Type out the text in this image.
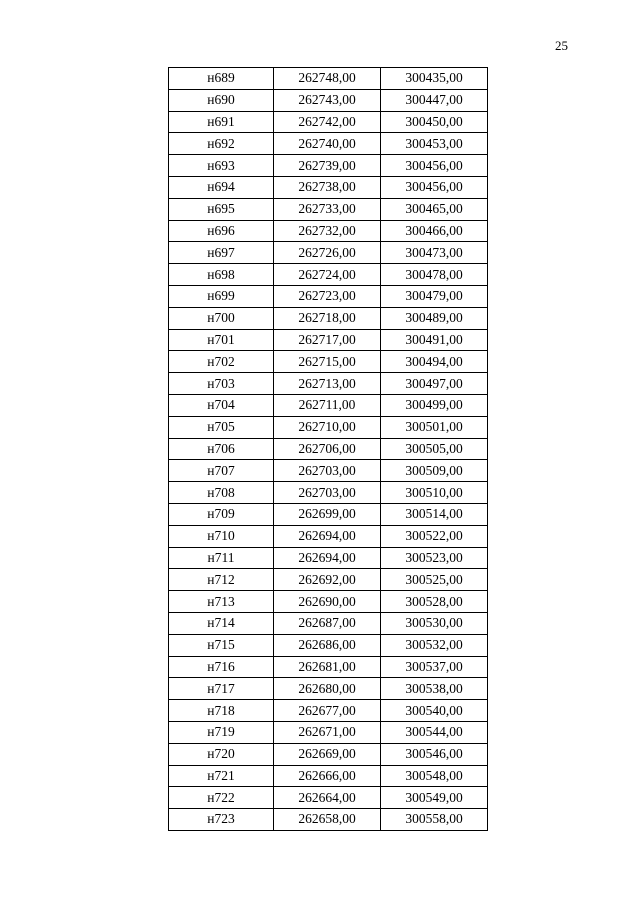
25
н689	262748,00	300435,00
н690	262743,00	300447,00
н691	262742,00	300450,00
н692	262740,00	300453,00
н693	262739,00	300456,00
н694	262738,00	300456,00
н695	262733,00	300465,00
н696	262732,00	300466,00
н697	262726,00	300473,00
н698	262724,00	300478,00
н699	262723,00	300479,00
н700	262718,00	300489,00
н701	262717,00	300491,00
н702	262715,00	300494,00
н703	262713,00	300497,00
н704	262711,00	300499,00
н705	262710,00	300501,00
н706	262706,00	300505,00
н707	262703,00	300509,00
н708	262703,00	300510,00
н709	262699,00	300514,00
н710	262694,00	300522,00
н711	262694,00	300523,00
н712	262692,00	300525,00
н713	262690,00	300528,00
н714	262687,00	300530,00
н715	262686,00	300532,00
н716	262681,00	300537,00
н717	262680,00	300538,00
н718	262677,00	300540,00
н719	262671,00	300544,00
н720	262669,00	300546,00
н721	262666,00	300548,00
н722	262664,00	300549,00
н723	262658,00	300558,00
